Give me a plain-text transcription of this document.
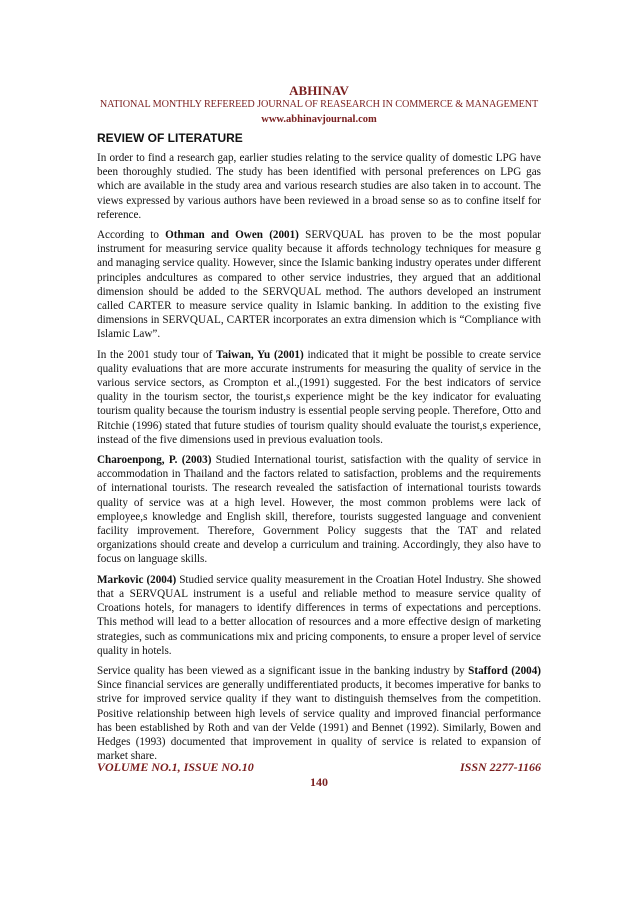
ABHINAV
NATIONAL MONTHLY REFEREED JOURNAL OF REASEARCH IN COMMERCE & MANAGEMENT
www.abhinavjournal.com
REVIEW OF LITERATURE

In order to find a research gap, earlier studies relating to the service quality of domestic LPG have been thoroughly studied. The study has been identified with personal preferences on LPG gas which are available in the study area and various research studies are also taken in to account. The views expressed by various authors have been reviewed in a broad sense so as to confine itself for reference.

According to Othman and Owen (2001) SERVQUAL has proven to be the most popular instrument for measuring service quality because it affords technology techniques for measure g and managing service quality. However, since the Islamic banking industry operates under different principles andcultures as compared to other service industries, they argued that an additional dimension should be added to the SERVQUAL method. The authors developed an instrument called CARTER to measure service quality in Islamic banking. In addition to the existing five dimensions in SERVQUAL, CARTER incorporates an extra dimension which is “Compliance with Islamic Law”.

In the 2001 study tour of Taiwan, Yu (2001) indicated that it might be possible to create service quality evaluations that are more accurate instruments for measuring the quality of service in the various service sectors, as Crompton et al.,(1991) suggested. For the best indicators of service quality in the tourism sector, the tourist,s experience might be the key indicator for evaluating tourism quality because the tourism industry is essential people serving people. Therefore, Otto and Ritchie (1996) stated that future studies of tourism quality should evaluate the tourist,s experience, instead of the five dimensions used in previous evaluation tools.

Charoenpong, P. (2003) Studied International tourist, satisfaction with the quality of service in accommodation in Thailand and the factors related to satisfaction, problems and the requirements of international tourists. The research revealed the satisfaction of international tourists towards quality of service was at a high level. However, the most common problems were lack of employee,s knowledge and English skill, therefore, tourists suggested language and convenient facility improvement. Therefore, Government Policy suggests that the TAT and related organizations should create and develop a curriculum and training. Accordingly, they also have to focus on language skills.

Markovic (2004) Studied service quality measurement in the Croatian Hotel Industry. She showed that a SERVQUAL instrument is a useful and reliable method to measure service quality of Croations hotels, for managers to identify differences in terms of expectations and perceptions. This method will lead to a better allocation of resources and a more effective design of marketing strategies, such as communications mix and pricing components, to ensure a proper level of service quality in hotels.

Service quality has been viewed as a significant issue in the banking industry by Stafford (2004) Since financial services are generally undifferentiated products, it becomes imperative for banks to strive for improved service quality if they want to distinguish themselves from the competition. Positive relationship between high levels of service quality and improved financial performance has been established by Roth and van der Velde (1991) and Bennet (1992). Similarly, Bowen and Hedges (1993) documented that improvement in quality of service is related to expansion of market share.

VOLUME NO.1, ISSUE NO.10	ISSN 2277-1166
140
